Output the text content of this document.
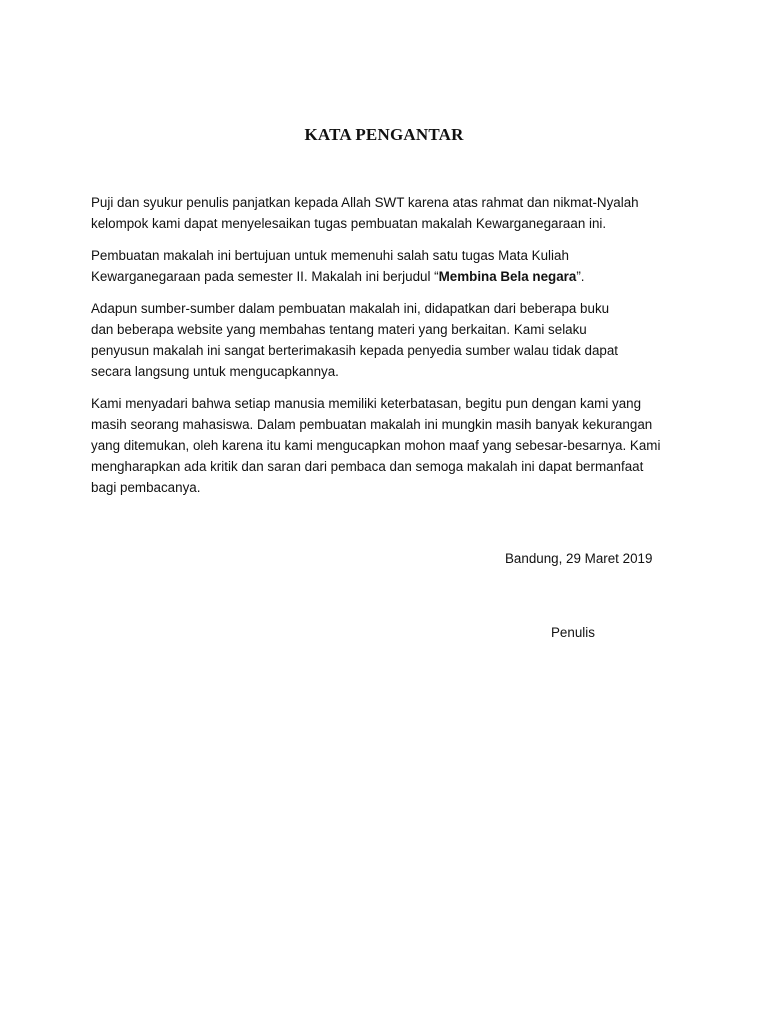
KATA PENGANTAR

Puji dan syukur penulis panjatkan kepada Allah SWT karena atas rahmat dan nikmat-Nyalah
kelompok kami dapat menyelesaikan tugas pembuatan makalah Kewarganegaraan ini.

Pembuatan makalah ini bertujuan untuk memenuhi salah satu tugas Mata Kuliah
Kewarganegaraan pada semester II. Makalah ini berjudul “Membina Bela negara”.

Adapun sumber-sumber dalam pembuatan makalah ini, didapatkan dari beberapa buku
dan beberapa website yang membahas tentang materi yang berkaitan. Kami selaku
penyusun makalah ini sangat berterimakasih kepada penyedia sumber walau tidak dapat
secara langsung untuk mengucapkannya.

Kami menyadari bahwa setiap manusia memiliki keterbatasan, begitu pun dengan kami yang
masih seorang mahasiswa. Dalam pembuatan makalah ini mungkin masih banyak kekurangan
yang ditemukan, oleh karena itu kami mengucapkan mohon maaf yang sebesar-besarnya. Kami
mengharapkan ada kritik dan saran dari pembaca dan semoga makalah ini dapat bermanfaat
bagi pembacanya.

Bandung, 29 Maret 2019
Penulis
